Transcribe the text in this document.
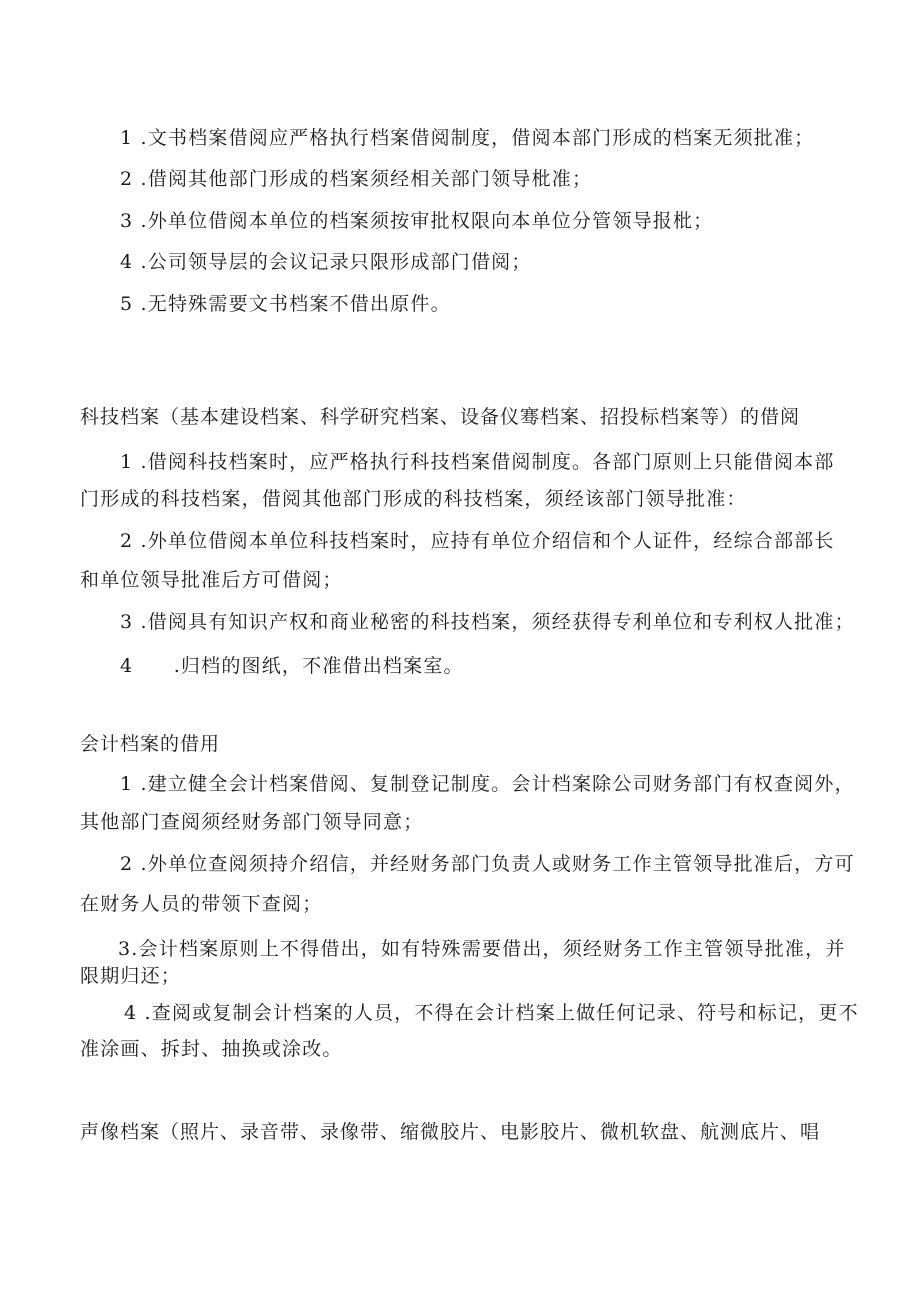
1 .文书档案借阅应严格执行档案借阅制度，借阅本部门形成的档案无须批准；
2 .借阅其他部门形成的档案须经相关部门领导枇准；
3 .外单位借阅本单位的档案须按审批权限向本单位分管领导报枇；
4 .公司领导层的会议记录只限形成部门借阅；
5 .无特殊需要文书档案不借出原件。
科技档案（基本建设档案、科学研究档案、设备仪骞档案、招投标档案等）的借阅
1 .借阅科技档案时，应严格执行科技档案借阅制度。各部门原则上只能借阅本部
门形成的科技档案，借阅其他部门形成的科技档案，须经该部门领导批准：
2 .外单位借阅本单位科技档案时，应持有单位介绍信和个人证件，经综合部部长
和单位领导批准后方可借阅；
3 .借阅具有知识产权和商业秘密的科技档案，须经获得专利单位和专利权人批准；
4　　.归档的图纸，不准借出档案室。
会计档案的借用
1 .建立健全会计档案借阅、复制登记制度。会计档案除公司财务部门有权查阅外，
其他部门查阅须经财务部门领导同意；
2 .外单位查阅须持介绍信，并经财务部门负责人或财务工作主管领导批准后，方可
在财务人员的带领下查阅；
3.会计档案原则上不得借出，如有特殊需要借出，须经财务工作主管领导批准，并
限期归还；
4 .查阅或复制会计档案的人员，不得在会计档案上做任何记录、符号和标记，更不
准涂画、拆封、抽换或涂改。
声像档案（照片、录音带、录像带、缩微胶片、电影胶片、微机软盘、航测底片、唱
